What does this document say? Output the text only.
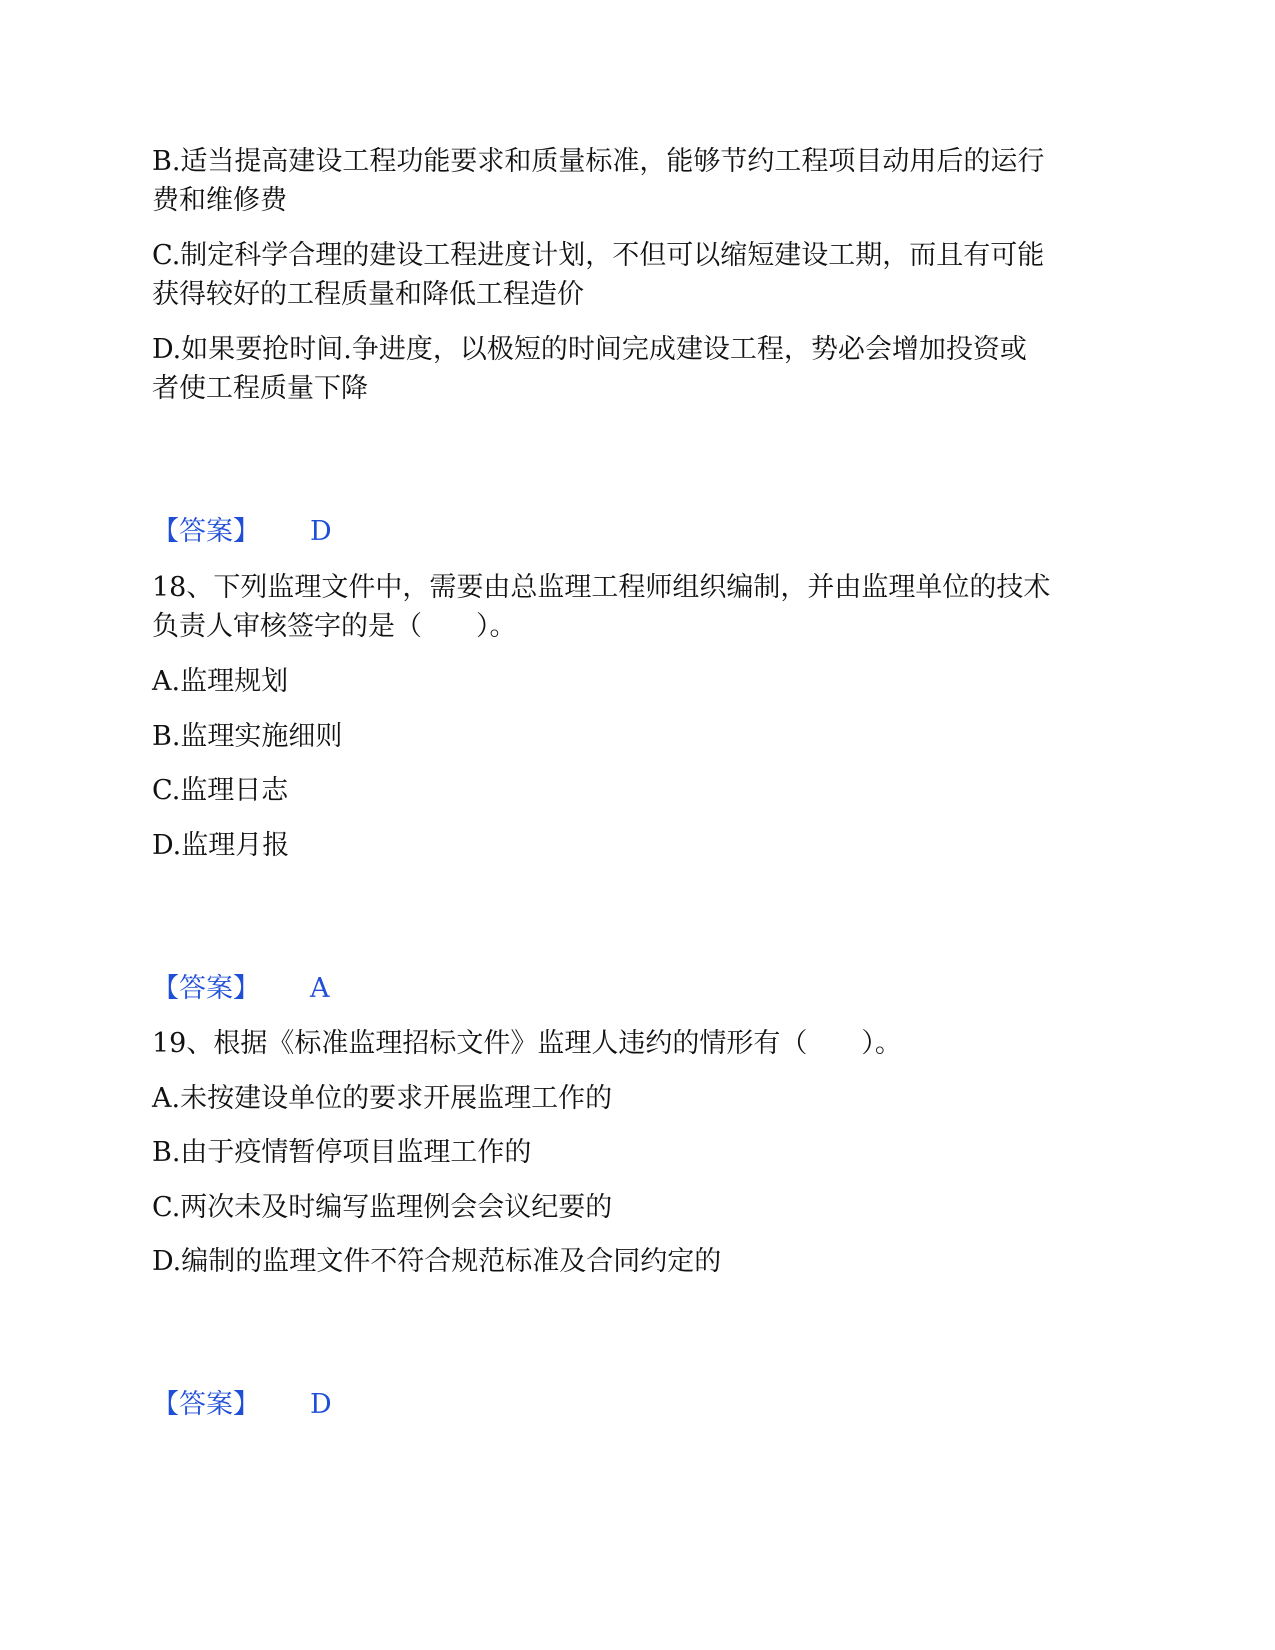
B.适当提高建设工程功能要求和质量标准，能够节约工程项目动用后的运行
费和维修费
C.制定科学合理的建设工程进度计划，不但可以缩短建设工期，而且有可能
获得较好的工程质量和降低工程造价
D.如果要抢时间.争进度，以极短的时间完成建设工程，势必会增加投资或
者使工程质量下降
【答案】 D
18、下列监理文件中，需要由总监理工程师组织编制，并由监理单位的技术
负责人审核签字的是（　　）。
A.监理规划
B.监理实施细则
C.监理日志
D.监理月报
【答案】 A
19、根据《标准监理招标文件》监理人违约的情形有（　　）。
A.未按建设单位的要求开展监理工作的
B.由于疫情暂停项目监理工作的
C.两次未及时编写监理例会会议纪要的
D.编制的监理文件不符合规范标准及合同约定的
【答案】 D
